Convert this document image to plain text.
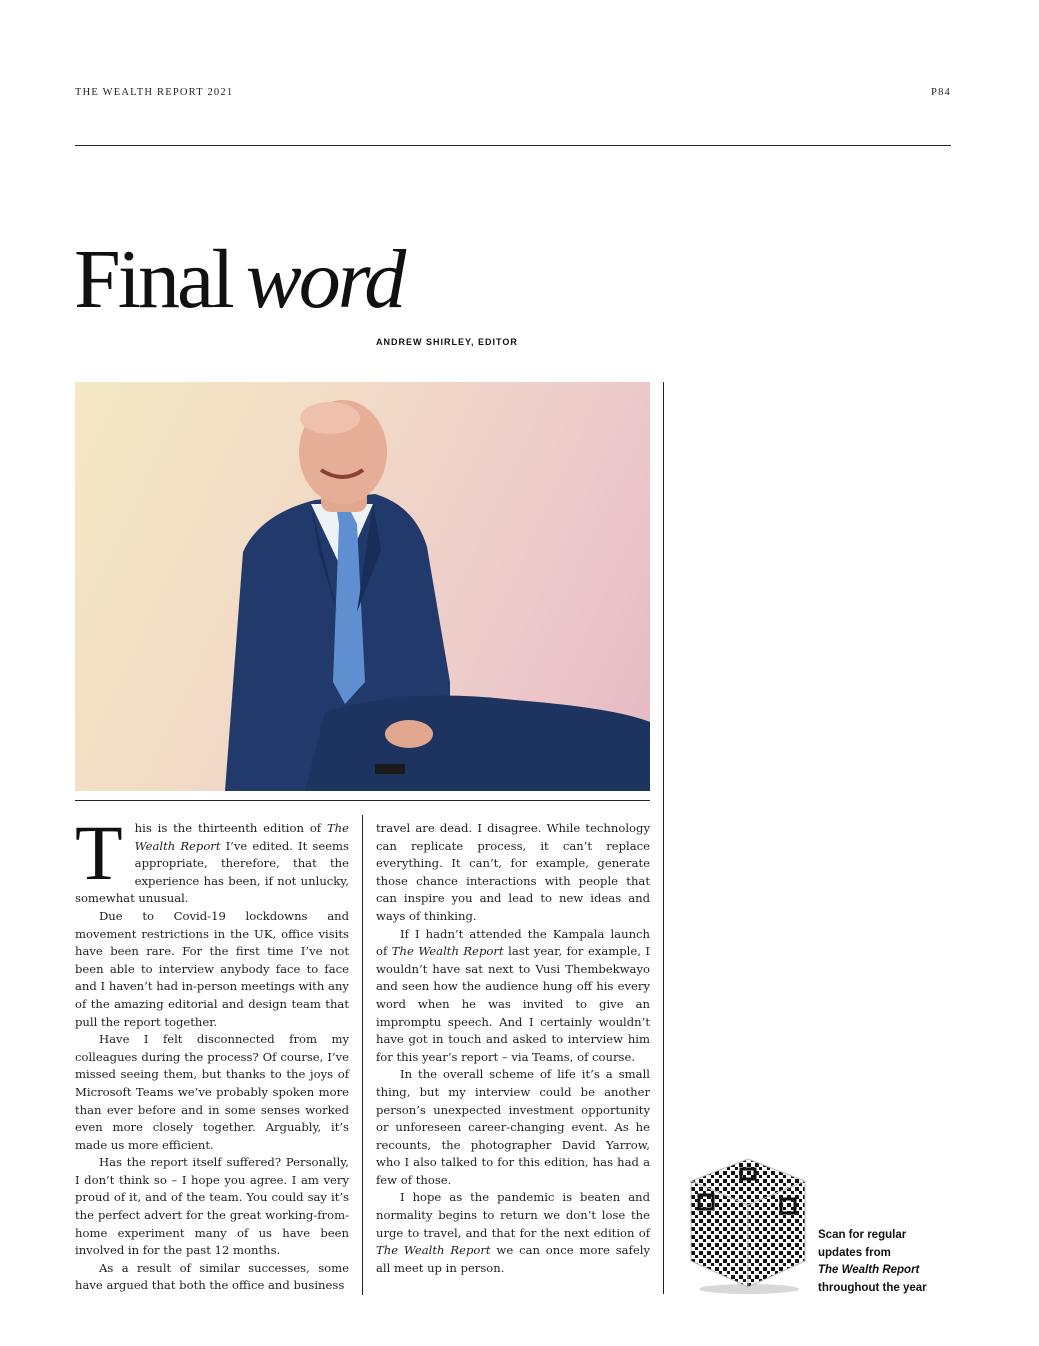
THE WEALTH REPORT 2021	P84
Final word
ANDREW SHIRLEY, EDITOR

T his is the thirteenth edition of The Wealth Report I’ve edited. It seems appropriate, therefore, that the experience has been, if not unlucky, somewhat unusual.

Due to Covid-19 lockdowns and movement restrictions in the UK, office visits have been rare. For the first time I’ve not been able to interview anybody face to face and I haven’t had in-person meetings with any of the amazing editorial and design team that pull the report together.

Have I felt disconnected from my colleagues during the process? Of course, I’ve missed seeing them, but thanks to the joys of Microsoft Teams we’ve probably spoken more than ever before and in some senses worked even more closely together. Arguably, it’s made us more efficient.

Has the report itself suffered? Personally, I don’t think so – I hope you agree. I am very proud of it, and of the team. You could say it’s the perfect advert for the great working-from-home experiment many of us have been involved in for the past 12 months.

As a result of similar successes, some have argued that both the office and business

travel are dead. I disagree. While technology can replicate process, it can’t replace everything. It can’t, for example, generate those chance interactions with people that can inspire you and lead to new ideas and ways of thinking.

If I hadn’t attended the Kampala launch of The Wealth Report last year, for example, I wouldn’t have sat next to Vusi Thembekwayo and seen how the audience hung off his every word when he was invited to give an impromptu speech. And I certainly wouldn’t have got in touch and asked to interview him for this year’s report – via Teams, of course.

In the overall scheme of life it’s a small thing, but my interview could be another person’s unexpected investment opportunity or unforeseen career-changing event. As he recounts, the photographer David Yarrow, who I also talked to for this edition, has had a few of those.

I hope as the pandemic is beaten and normality begins to return we don’t lose the urge to travel, and that for the next edition of The Wealth Report we can once more safely all meet up in person.

Scan for regular
updates from
The Wealth Report
throughout the year
